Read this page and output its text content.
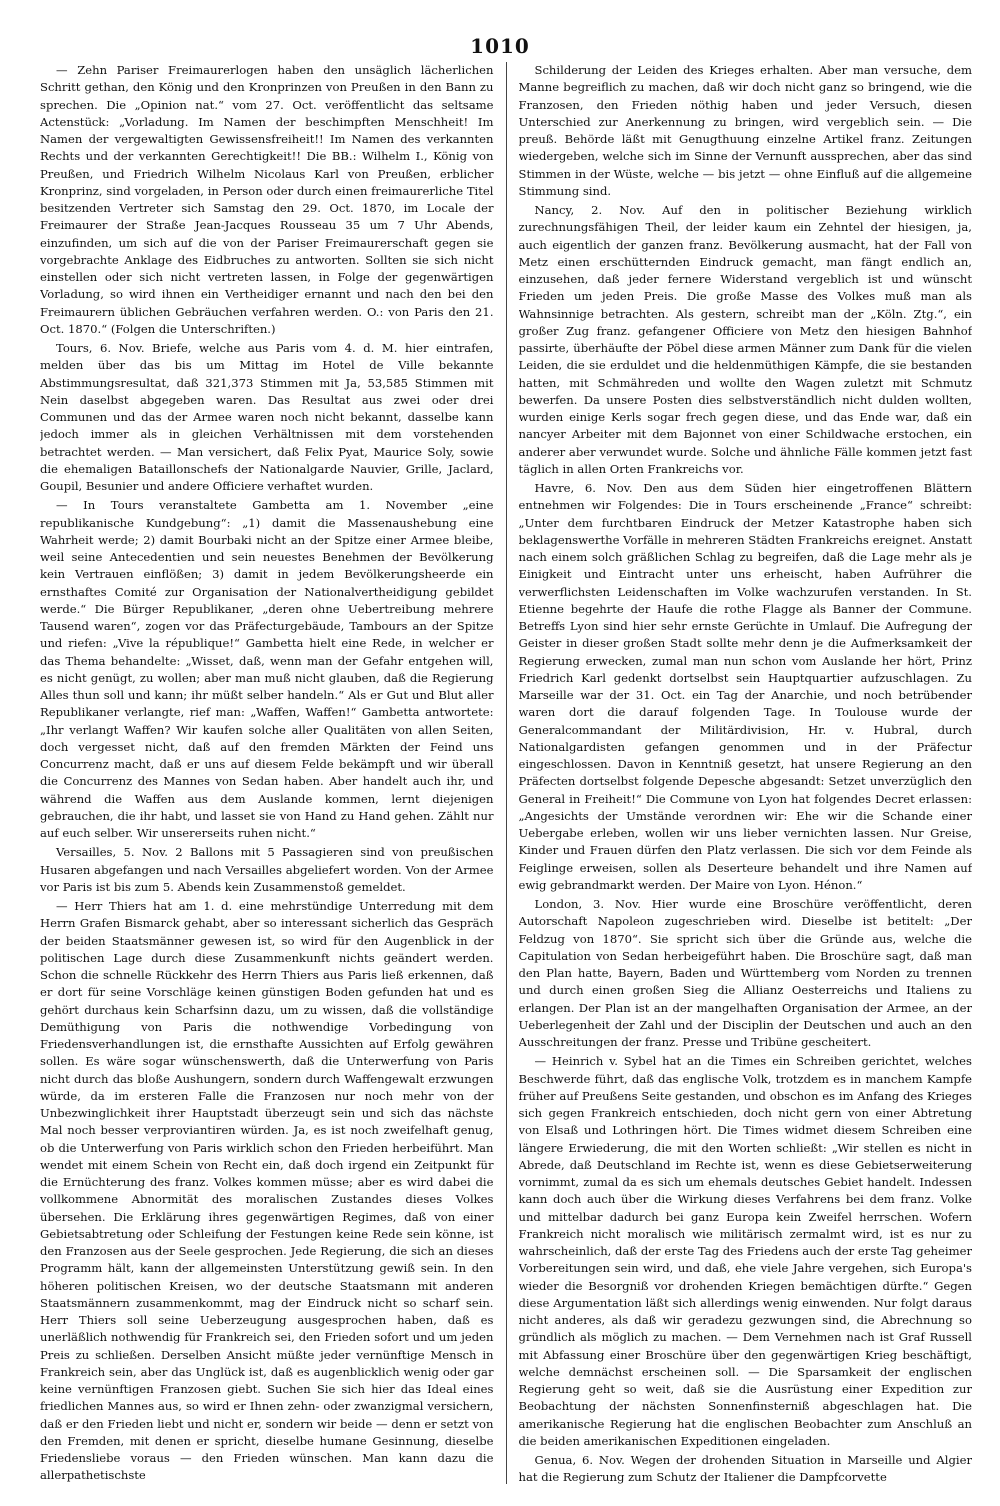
1010

— Zehn Pariser Freimaurerlogen haben den unsäglich lächerlichen Schritt gethan, den König und den Kronprinzen von Preußen in den Bann zu sprechen. Die „Opinion nat.“ vom 27. Oct. veröffentlicht das seltsame Actenstück: „Vorladung. Im Namen der beschimpften Menschheit! Im Namen der vergewaltigten Gewissensfreiheit!! Im Namen des verkannten Rechts und der verkannten Gerechtigkeit!! Die BB.: Wilhelm I., König von Preußen, und Friedrich Wilhelm Nicolaus Karl von Preußen, erblicher Kronprinz, sind vorgeladen, in Person oder durch einen freimaurerliche Titel besitzenden Vertreter sich Samstag den 29. Oct. 1870, im Locale der Freimaurer der Straße Jean-Jacques Rousseau 35 um 7 Uhr Abends, einzufinden, um sich auf die von der Pariser Freimaurerschaft gegen sie vorgebrachte Anklage des Eidbruches zu antworten. Sollten sie sich nicht einstellen oder sich nicht vertreten lassen, in Folge der gegenwärtigen Vorladung, so wird ihnen ein Vertheidiger ernannt und nach den bei den Freimaurern üblichen Gebräuchen verfahren werden. O.: von Paris den 21. Oct. 1870.“ (Folgen die Unterschriften.)

Tours, 6. Nov. Briefe, welche aus Paris vom 4. d. M. hier eintrafen, melden über das bis um Mittag im Hotel de Ville bekannte Abstimmungsresultat, daß 321,373 Stimmen mit Ja, 53,585 Stimmen mit Nein daselbst abgegeben waren. Das Resultat aus zwei oder drei Communen und das der Armee waren noch nicht bekannt, dasselbe kann jedoch immer als in gleichen Verhältnissen mit dem vorstehenden betrachtet werden. — Man versichert, daß Felix Pyat, Maurice Soly, sowie die ehemaligen Bataillonschefs der Nationalgarde Nauvier, Grille, Jaclard, Goupil, Besunier und andere Officiere verhaftet wurden.

— In Tours veranstaltete Gambetta am 1. November „eine republikanische Kundgebung“: „1) damit die Massenaushebung eine Wahrheit werde; 2) damit Bourbaki nicht an der Spitze einer Armee bleibe, weil seine Antecedentien und sein neuestes Benehmen der Bevölkerung kein Vertrauen einflößen; 3) damit in jedem Bevölkerungsheerde ein ernsthaftes Comité zur Organisation der Nationalvertheidigung gebildet werde.“ Die Bürger Republikaner, „deren ohne Uebertreibung mehrere Tausend waren“, zogen vor das Präfecturgebäude, Tambours an der Spitze und riefen: „Vive la république!“ Gambetta hielt eine Rede, in welcher er das Thema behandelte: „Wisset, daß, wenn man der Gefahr entgehen will, es nicht genügt, zu wollen; aber man muß nicht glauben, daß die Regierung Alles thun soll und kann; ihr müßt selber handeln.“ Als er Gut und Blut aller Republikaner verlangte, rief man: „Waffen, Waffen!“ Gambetta antwortete: „Ihr verlangt Waffen? Wir kaufen solche aller Qualitäten von allen Seiten, doch vergesset nicht, daß auf den fremden Märkten der Feind uns Concurrenz macht, daß er uns auf diesem Felde bekämpft und wir überall die Concurrenz des Mannes von Sedan haben. Aber handelt auch ihr, und während die Waffen aus dem Auslande kommen, lernt diejenigen gebrauchen, die ihr habt, und lasset sie von Hand zu Hand gehen. Zählt nur auf euch selber. Wir unsererseits ruhen nicht.“

Versailles, 5. Nov. 2 Ballons mit 5 Passagieren sind von preußischen Husaren abgefangen und nach Versailles abgeliefert worden. Von der Armee vor Paris ist bis zum 5. Abends kein Zusammenstoß gemeldet.

— Herr Thiers hat am 1. d. eine mehrstündige Unterredung mit dem Herrn Grafen Bismarck gehabt, aber so interessant sicherlich das Gespräch der beiden Staatsmänner gewesen ist, so wird für den Augenblick in der politischen Lage durch diese Zusammenkunft nichts geändert werden. Schon die schnelle Rückkehr des Herrn Thiers aus Paris ließ erkennen, daß er dort für seine Vorschläge keinen günstigen Boden gefunden hat und es gehört durchaus kein Scharfsinn dazu, um zu wissen, daß die vollständige Demüthigung von Paris die nothwendige Vorbedingung von Friedensverhandlungen ist, die ernsthafte Aussichten auf Erfolg gewähren sollen. Es wäre sogar wünschenswerth, daß die Unterwerfung von Paris nicht durch das bloße Aushungern, sondern durch Waffengewalt erzwungen würde, da im ersteren Falle die Franzosen nur noch mehr von der Unbezwinglichkeit ihrer Hauptstadt überzeugt sein und sich das nächste Mal noch besser verproviantiren würden. Ja, es ist noch zweifelhaft genug, ob die Unterwerfung von Paris wirklich schon den Frieden herbeiführt. Man wendet mit einem Schein von Recht ein, daß doch irgend ein Zeitpunkt für die Ernüchterung des franz. Volkes kommen müsse; aber es wird dabei die vollkommene Abnormität des moralischen Zustandes dieses Volkes übersehen. Die Erklärung ihres gegenwärtigen Regimes, daß von einer Gebietsabtretung oder Schleifung der Festungen keine Rede sein könne, ist den Franzosen aus der Seele gesprochen. Jede Regierung, die sich an dieses Programm hält, kann der allgemeinsten Unterstützung gewiß sein. In den höheren politischen Kreisen, wo der deutsche Staatsmann mit anderen Staatsmännern zusammenkommt, mag der Eindruck nicht so scharf sein. Herr Thiers soll seine Ueberzeugung ausgesprochen haben, daß es unerläßlich nothwendig für Frankreich sei, den Frieden sofort und um jeden Preis zu schließen. Derselben Ansicht müßte jeder vernünftige Mensch in Frankreich sein, aber das Unglück ist, daß es augenblicklich wenig oder gar keine vernünftigen Franzosen giebt. Suchen Sie sich hier das Ideal eines friedlichen Mannes aus, so wird er Ihnen zehn- oder zwanzigmal versichern, daß er den Frieden liebt und nicht er, sondern wir beide — denn er setzt von den Fremden, mit denen er spricht, dieselbe humane Gesinnung, dieselbe Friedensliebe voraus — den Frieden wünschen. Man kann dazu die allerpathetischste

Schilderung der Leiden des Krieges erhalten. Aber man versuche, dem Manne begreiflich zu machen, daß wir doch nicht ganz so bringend, wie die Franzosen, den Frieden nöthig haben und jeder Versuch, diesen Unterschied zur Anerkennung zu bringen, wird vergeblich sein. — Die preuß. Behörde läßt mit Genugthuung einzelne Artikel franz. Zeitungen wiedergeben, welche sich im Sinne der Vernunft aussprechen, aber das sind Stimmen in der Wüste, welche — bis jetzt — ohne Einfluß auf die allgemeine Stimmung sind.

Nancy, 2. Nov. Auf den in politischer Beziehung wirklich zurechnungsfähigen Theil, der leider kaum ein Zehntel der hiesigen, ja, auch eigentlich der ganzen franz. Bevölkerung ausmacht, hat der Fall von Metz einen erschütternden Eindruck gemacht, man fängt endlich an, einzusehen, daß jeder fernere Widerstand vergeblich ist und wünscht Frieden um jeden Preis. Die große Masse des Volkes muß man als Wahnsinnige betrachten. Als gestern, schreibt man der „Köln. Ztg.“, ein großer Zug franz. gefangener Officiere von Metz den hiesigen Bahnhof passirte, überhäufte der Pöbel diese armen Männer zum Dank für die vielen Leiden, die sie erduldet und die heldenmüthigen Kämpfe, die sie bestanden hatten, mit Schmähreden und wollte den Wagen zuletzt mit Schmutz bewerfen. Da unsere Posten dies selbstverständlich nicht dulden wollten, wurden einige Kerls sogar frech gegen diese, und das Ende war, daß ein nancyer Arbeiter mit dem Bajonnet von einer Schildwache erstochen, ein anderer aber verwundet wurde. Solche und ähnliche Fälle kommen jetzt fast täglich in allen Orten Frankreichs vor.

Havre, 6. Nov. Den aus dem Süden hier eingetroffenen Blättern entnehmen wir Folgendes: Die in Tours erscheinende „France“ schreibt: „Unter dem furchtbaren Eindruck der Metzer Katastrophe haben sich beklagenswerthe Vorfälle in mehreren Städten Frankreichs ereignet. Anstatt nach einem solch gräßlichen Schlag zu begreifen, daß die Lage mehr als je Einigkeit und Eintracht unter uns erheischt, haben Aufrührer die verwerflichsten Leidenschaften im Volke wachzurufen verstanden. In St. Etienne begehrte der Haufe die rothe Flagge als Banner der Commune. Betreffs Lyon sind hier sehr ernste Gerüchte in Umlauf. Die Aufregung der Geister in dieser großen Stadt sollte mehr denn je die Aufmerksamkeit der Regierung erwecken, zumal man nun schon vom Auslande her hört, Prinz Friedrich Karl gedenkt dortselbst sein Hauptquartier aufzuschlagen. Zu Marseille war der 31. Oct. ein Tag der Anarchie, und noch betrübender waren dort die darauf folgenden Tage. In Toulouse wurde der Generalcommandant der Militärdivision, Hr. v. Hubral, durch Nationalgardisten gefangen genommen und in der Präfectur eingeschlossen. Davon in Kenntniß gesetzt, hat unsere Regierung an den Präfecten dortselbst folgende Depesche abgesandt: Setzet unverzüglich den General in Freiheit!“ Die Commune von Lyon hat folgendes Decret erlassen: „Angesichts der Umstände verordnen wir: Ehe wir die Schande einer Uebergabe erleben, wollen wir uns lieber vernichten lassen. Nur Greise, Kinder und Frauen dürfen den Platz verlassen. Die sich vor dem Feinde als Feiglinge erweisen, sollen als Deserteure behandelt und ihre Namen auf ewig gebrandmarkt werden. Der Maire von Lyon. Hénon.“

London, 3. Nov. Hier wurde eine Broschüre veröffentlicht, deren Autorschaft Napoleon zugeschrieben wird. Dieselbe ist betitelt: „Der Feldzug von 1870“. Sie spricht sich über die Gründe aus, welche die Capitulation von Sedan herbeigeführt haben. Die Broschüre sagt, daß man den Plan hatte, Bayern, Baden und Württemberg vom Norden zu trennen und durch einen großen Sieg die Allianz Oesterreichs und Italiens zu erlangen. Der Plan ist an der mangelhaften Organisation der Armee, an der Ueberlegenheit der Zahl und der Disciplin der Deutschen und auch an den Ausschreitungen der franz. Presse und Tribüne gescheitert.

— Heinrich v. Sybel hat an die Times ein Schreiben gerichtet, welches Beschwerde führt, daß das englische Volk, trotzdem es in manchem Kampfe früher auf Preußens Seite gestanden, und obschon es im Anfang des Krieges sich gegen Frankreich entschieden, doch nicht gern von einer Abtretung von Elsaß und Lothringen hört. Die Times widmet diesem Schreiben eine längere Erwiederung, die mit den Worten schließt: „Wir stellen es nicht in Abrede, daß Deutschland im Rechte ist, wenn es diese Gebietserweiterung vornimmt, zumal da es sich um ehemals deutsches Gebiet handelt. Indessen kann doch auch über die Wirkung dieses Verfahrens bei dem franz. Volke und mittelbar dadurch bei ganz Europa kein Zweifel herrschen. Wofern Frankreich nicht moralisch wie militärisch zermalmt wird, ist es nur zu wahrscheinlich, daß der erste Tag des Friedens auch der erste Tag geheimer Vorbereitungen sein wird, und daß, ehe viele Jahre vergehen, sich Europa's wieder die Besorgniß vor drohenden Kriegen bemächtigen dürfte.“ Gegen diese Argumentation läßt sich allerdings wenig einwenden. Nur folgt daraus nicht anderes, als daß wir geradezu gezwungen sind, die Abrechnung so gründlich als möglich zu machen. — Dem Vernehmen nach ist Graf Russell mit Abfassung einer Broschüre über den gegenwärtigen Krieg beschäftigt, welche demnächst erscheinen soll. — Die Sparsamkeit der englischen Regierung geht so weit, daß sie die Ausrüstung einer Expedition zur Beobachtung der nächsten Sonnenfinsterniß abgeschlagen hat. Die amerikanische Regierung hat die englischen Beobachter zum Anschluß an die beiden amerikanischen Expeditionen eingeladen.

Genua, 6. Nov. Wegen der drohenden Situation in Marseille und Algier hat die Regierung zum Schutz der Italiener die Dampfcorvette
